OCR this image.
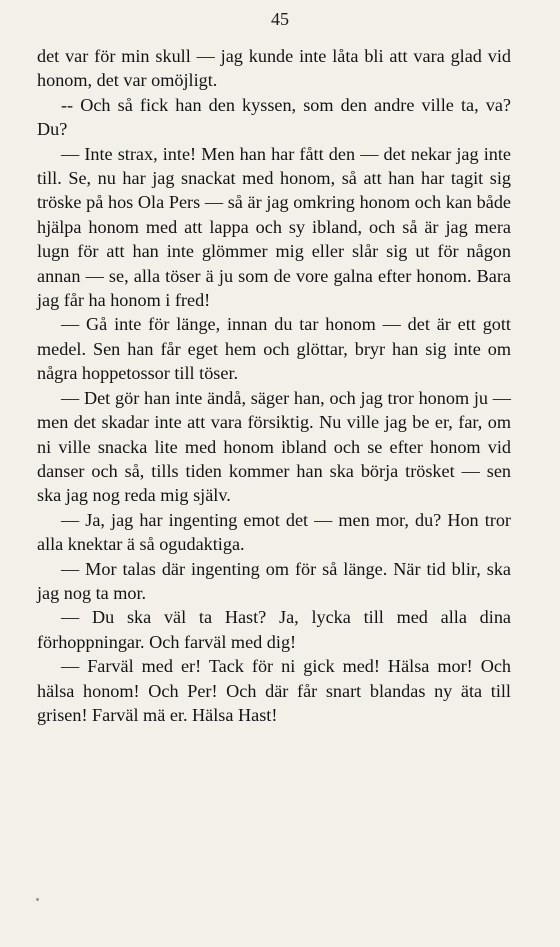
45

det var för min skull — jag kunde inte låta bli att vara glad vid honom, det var omöjligt.

-- Och så fick han den kyssen, som den andre ville ta, va? Du?

— Inte strax, inte! Men han har fått den — det nekar jag inte till. Se, nu har jag snackat med honom, så att han har tagit sig tröske på hos Ola Pers — så är jag omkring honom och kan både hjälpa honom med att lappa och sy ibland, och så är jag mera lugn för att han inte glömmer mig eller slår sig ut för någon annan — se, alla töser ä ju som de vore galna efter honom. Bara jag får ha honom i fred!

— Gå inte för länge, innan du tar honom — det är ett gott medel. Sen han får eget hem och glöttar, bryr han sig inte om några hoppetossor till töser.

— Det gör han inte ändå, säger han, och jag tror honom ju — men det skadar inte att vara försiktig. Nu ville jag be er, far, om ni ville snacka lite med honom ibland och se efter honom vid danser och så, tills tiden kommer han ska börja trösket — sen ska jag nog reda mig själv.

— Ja, jag har ingenting emot det — men mor, du? Hon tror alla knektar ä så ogudaktiga.

— Mor talas där ingenting om för så länge. När tid blir, ska jag nog ta mor.

— Du ska väl ta Hast? Ja, lycka till med alla dina förhoppningar. Och farväl med dig!

— Farväl med er! Tack för ni gick med! Hälsa mor! Och hälsa honom! Och Per! Och där får snart blandas ny äta till grisen! Farväl mä er. Hälsa Hast!
